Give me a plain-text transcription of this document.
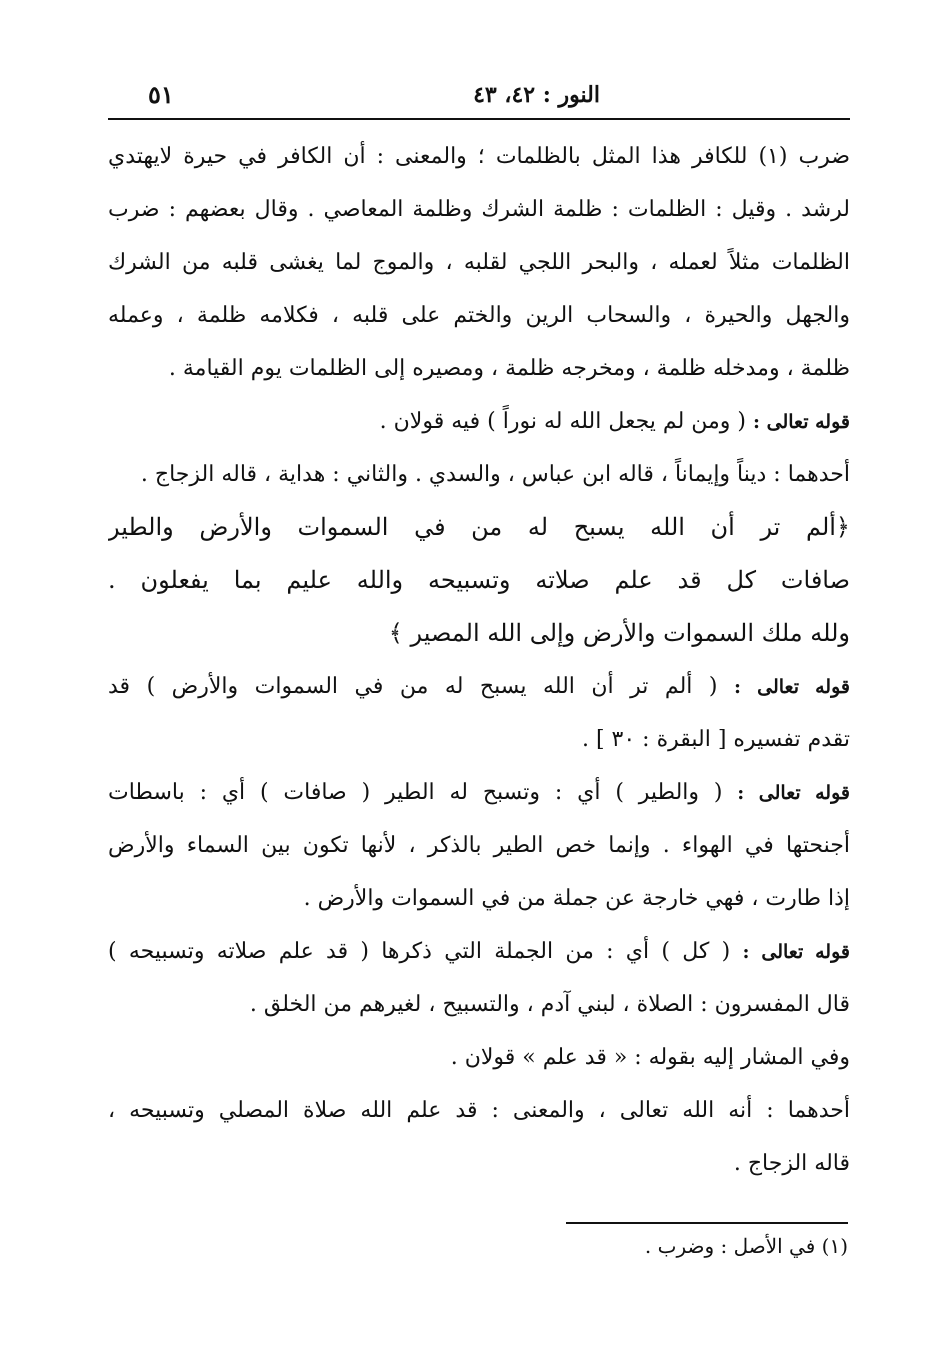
النور : ٤٢، ٤٣
٥١
ضرب (١) للكافر هذا المثل بالظلمات ؛ والمعنى : أن الكافر في حيرة لايهتدي
لرشد . وقيل : الظلمات : ظلمة الشرك وظلمة المعاصي . وقال بعضهم : ضرب
الظلمات مثلاً لعمله ، والبحر اللجي لقلبه ، والموج لما يغشى قلبه من الشرك
والجهل والحيرة ، والسحاب الرين والختم على قلبه ، فكلامه ظلمة ، وعمله
ظلمة ، ومدخله ظلمة ، ومخرجه ظلمة ، ومصيره إلى الظلمات يوم القيامة .
قوله تعالى : ( ومن لم يجعل الله له نوراً ) فيه قولان .
أحدهما : ديناً وإيماناً ، قاله ابن عباس ، والسدي . والثاني : هداية ، قاله الزجاج .
﴿ألم تر أن الله يسبح له من في السموات والأرض والطير
صافات كل قد علم صلاته وتسبيحه والله عليم بما يفعلون .
ولله ملك السموات والأرض وإلى الله المصير ﴾
قوله تعالى : ( ألم تر أن الله يسبح له من في السموات والأرض ) قد
تقدم تفسيره [ البقرة : ٣٠ ] .
قوله تعالى : ( والطير ) أي : وتسبح له الطير ( صافات ) أي : باسطات
أجنحتها في الهواء . وإنما خص الطير بالذكر ، لأنها تكون بين السماء والأرض
إذا طارت ، فهي خارجة عن جملة من في السموات والأرض .
قوله تعالى : ( كل ) أي : من الجملة التي ذكرها ( قد علم صلاته وتسبيحه )
قال المفسرون : الصلاة ، لبني آدم ، والتسبيح ، لغيرهم من الخلق .
وفي المشار إليه بقوله : « قد علم » قولان .
أحدهما : أنه الله تعالى ، والمعنى : قد علم الله صلاة المصلي وتسبيحه ،
قاله الزجاج .
(١) في الأصل : وضرب .
